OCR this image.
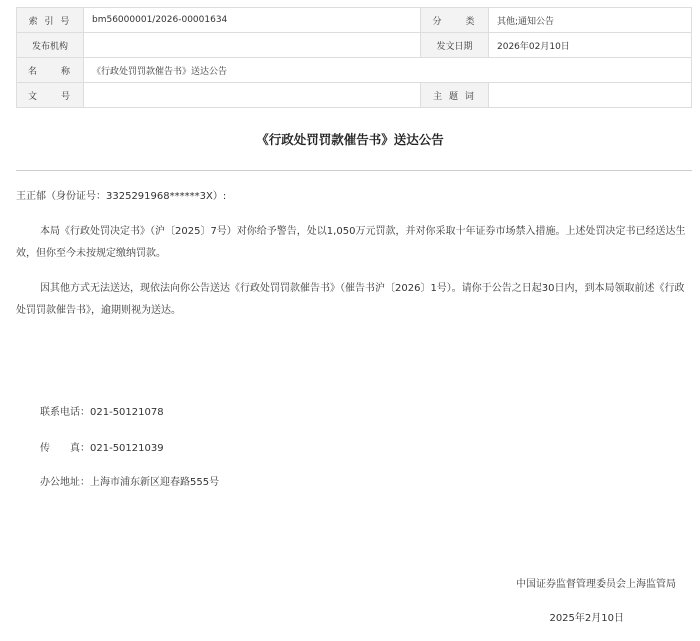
索 引 号	bm56000001/2026-00001634	分　　类	其他;通知公告
发布机构		发文日期	2026年02月10日
名　　称	《行政处罚罚款催告书》送达公告		
文　　号		主 题 词	
《行政处罚罚款催告书》送达公告
王正郁（身份证号：3325291968******3X）:
本局《行政处罚决定书》（沪〔2025〕7号）对你给予警告，处以1,050万元罚款，并对你采取十年证券市场禁入措施。上述处罚决定书已经送达生效，但你至今未按规定缴纳罚款。
因其他方式无法送达，现依法向你公告送达《行政处罚罚款催告书》（催告书沪〔2026〕1号）。请你于公告之日起30日内，到本局领取前述《行政处罚罚款催告书》，逾期则视为送达。
联系电话：021-50121078
传　　真：021-50121039
办公地址：上海市浦东新区迎春路555号
中国证券监督管理委员会上海监管局
2025年2月10日
